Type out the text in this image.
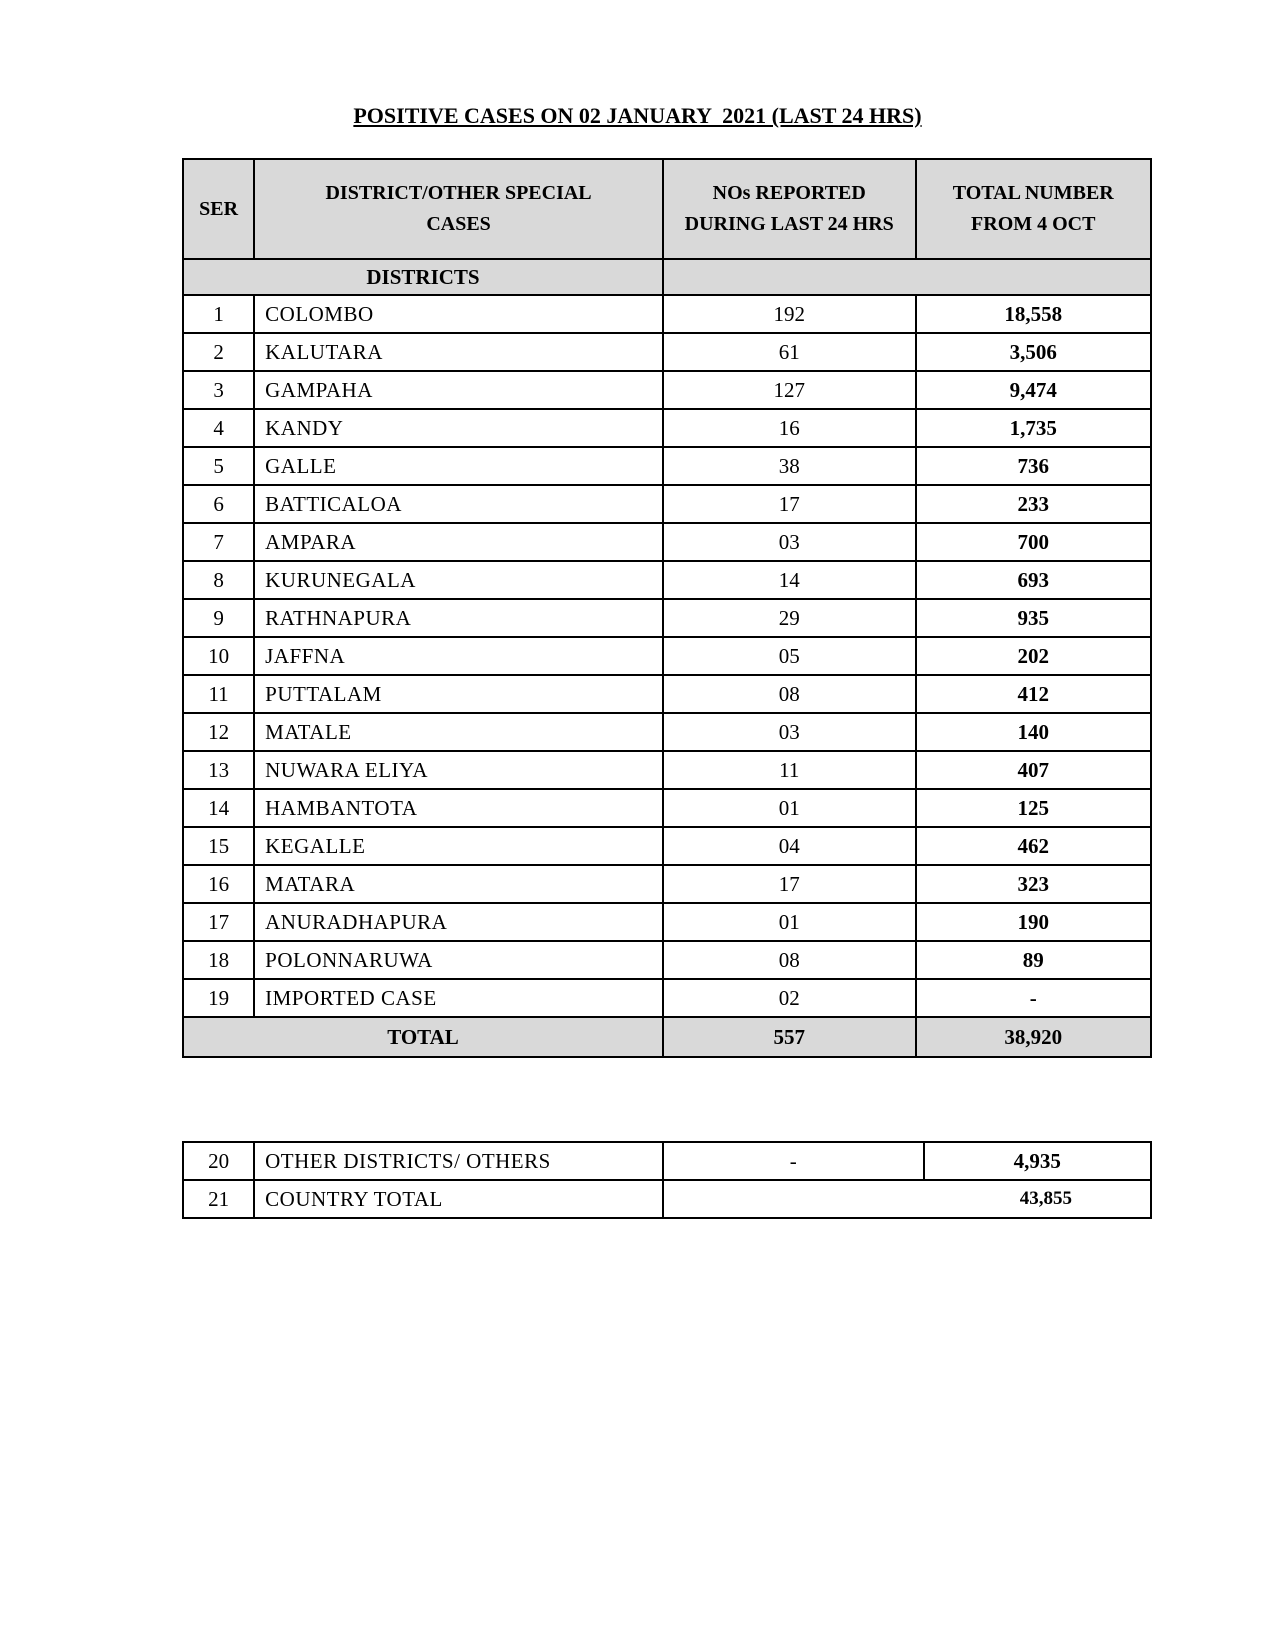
POSITIVE CASES ON 02 JANUARY  2021 (LAST 24 HRS)
SER	DISTRICT/OTHER SPECIAL CASES	NOs REPORTED DURING LAST 24 HRS	TOTAL NUMBER FROM 4 OCT
DISTRICTS			
1	COLOMBO	192	18,558
2	KALUTARA	61	3,506
3	GAMPAHA	127	9,474
4	KANDY	16	1,735
5	GALLE	38	736
6	BATTICALOA	17	233
7	AMPARA	03	700
8	KURUNEGALA	14	693
9	RATHNAPURA	29	935
10	JAFFNA	05	202
11	PUTTALAM	08	412
12	MATALE	03	140
13	NUWARA ELIYA	11	407
14	HAMBANTOTA	01	125
15	KEGALLE	04	462
16	MATARA	17	323
17	ANURADHAPURA	01	190
18	POLONNARUWA	08	89
19	IMPORTED CASE	02	-
TOTAL		557	38,920
20	OTHER DISTRICTS/ OTHERS	-	4,935
21	COUNTRY TOTAL	43,855	
